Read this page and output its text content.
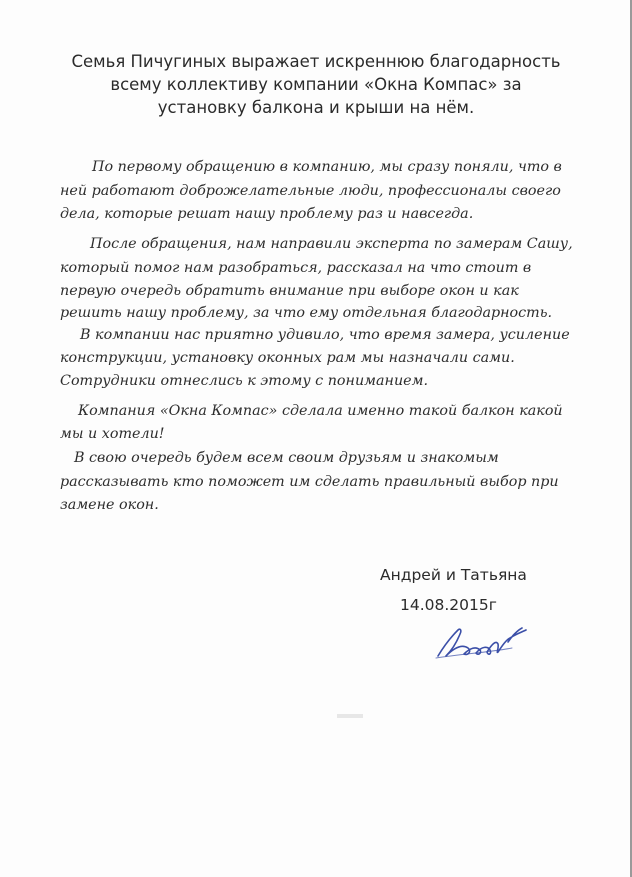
Семья Пичугиных выражает искреннюю благодарность
всему коллективу компании «Окна Компас» за
установку балкона и крыши на нём.
По первому обращению в компанию, мы сразу поняли, что в
ней работают доброжелательные люди, профессионалы своего
дела, которые решат нашу проблему раз и навсегда.
После обращения, нам направили эксперта по замерам Сашу,
который помог нам разобраться, рассказал на что стоит в
первую очередь обратить внимание при выборе окон и как
решить нашу проблему, за что ему отдельная благодарность.
В компании нас приятно удивило, что время замера, усиление
конструкции, установку оконных рам мы назначали сами.
Сотрудники отнеслись к этому с пониманием.
Компания «Окна Компас» сделала именно такой балкон какой
мы и хотели!
В свою очередь будем всем своим друзьям и знакомым
рассказывать кто поможет им сделать правильный выбор при
замене окон.
Андрей и Татьяна
14.08.2015г
